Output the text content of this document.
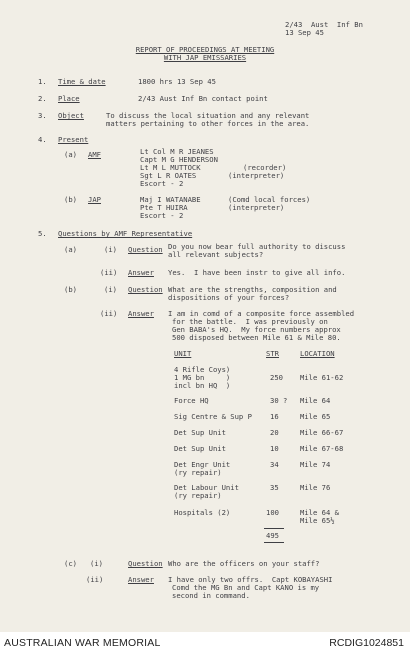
2/43  Aust  Inf Bn
13 Sep 45
REPORT OF PROCEEDINGS AT MEETING
WITH JAP EMISSARIES
1. Time & date	1800 hrs 13 Sep 45
2. Place	2/43 Aust Inf Bn contact point
3. Object	To discuss the local situation and any relevant
matters pertaining to other forces in the area.
4. Present
(a) AMF	Lt Col M R JEANES
Capt M G HENDERSON
Lt M L MUTTOCK	(recorder)
Sgt L R OATES	(interpreter)
Escort - 2
(b) JAP	Maj I WATANABE	(Comd local forces)
Pte T HUIRA	(interpreter)
Escort - 2
5. Questions by AMF Representative
(a)	(i) Question Do you now bear full authority to discuss
all relevant subjects?
(ii) Answer Yes.  I have been instr to give all info.
(b)	(i) Question What are the strengths, composition and
dispositions of your forces?
(ii) Answer I am in comd of a composite force assembled
for the battle.  I was previously on
Gen BABA's HQ.  My force numbers approx
500 disposed between Mile 61 & Mile 80.
UNIT	STR	LOCATION
4 Rifle Coys)
1 MG bn     )
incl bn HQ  )
250 Mile 61-62
Force HQ	30 ? Mile 64
Sig Centre & Sup P	16	Mile 65
Det Sup Unit	20	Mile 66-67
Det Sup Unit	10	Mile 67-68
Det Engr Unit
(ry repair)
34	Mile 74
Det Labour Unit
(ry repair)
35	Mile 76
Hospitals (2)	100	Mile 64 &
Mile 65½
495
(c) (i)	Question Who are the officers on your staff?
(ii)	Answer I have only two offrs.  Capt KOBAYASHI
Comd the MG Bn and Capt KANO is my
second in command.
AUSTRALIAN WAR MEMORIAL	RCDIG1024851
